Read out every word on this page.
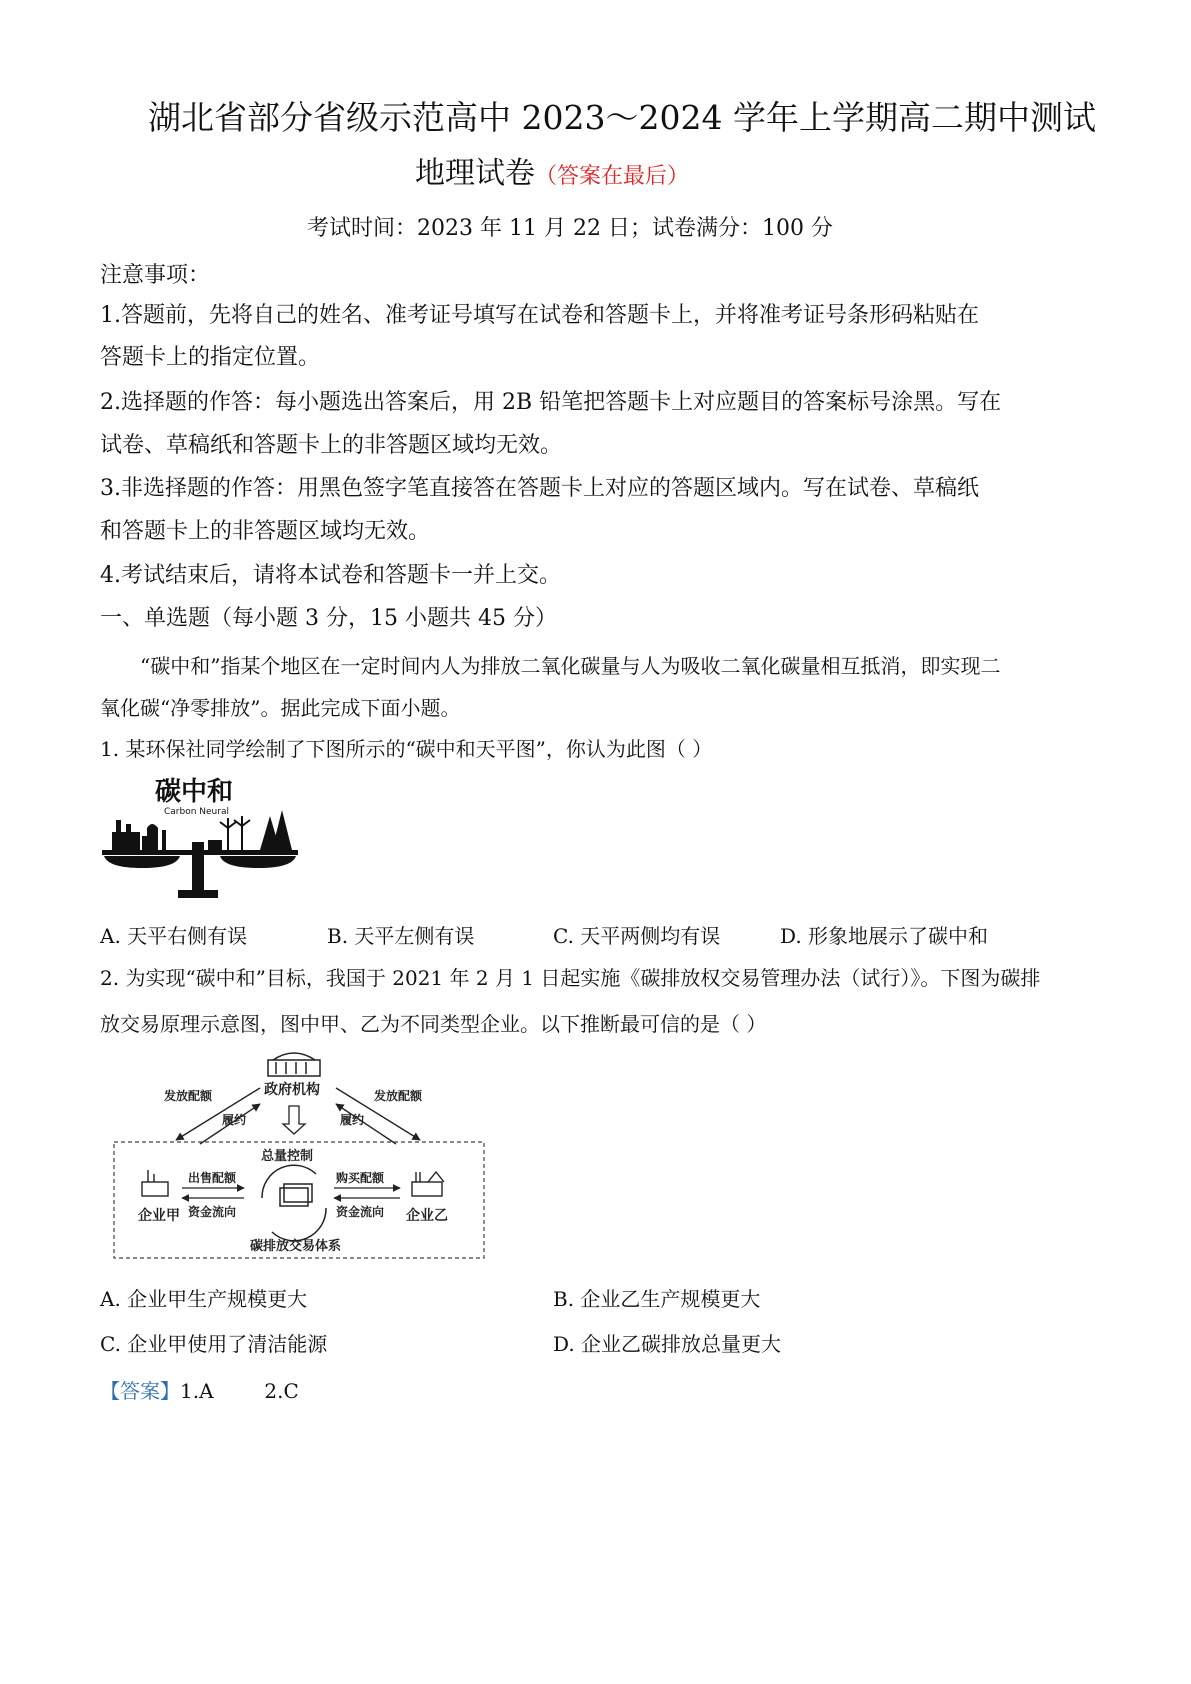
湖北省部分省级示范高中 2023～2024 学年上学期高二期中测试
地理试卷（答案在最后）
考试时间：2023 年 11 月 22 日；试卷满分：100 分
注意事项：
1.答题前，先将自己的姓名、准考证号填写在试卷和答题卡上，并将准考证号条形码粘贴在
答题卡上的指定位置。
2.选择题的作答：每小题选出答案后，用 2B 铅笔把答题卡上对应题目的答案标号涂黑。写在
试卷、草稿纸和答题卡上的非答题区域均无效。
3.非选择题的作答：用黑色签字笔直接答在答题卡上对应的答题区域内。写在试卷、草稿纸
和答题卡上的非答题区域均无效。
4.考试结束后，请将本试卷和答题卡一并上交。
一、单选题（每小题 3 分，15 小题共 45 分）
“碳中和”指某个地区在一定时间内人为排放二氧化碳量与人为吸收二氧化碳量相互抵消，即实现二
氧化碳“净零排放”。据此完成下面小题。
1. 某环保社同学绘制了下图所示的“碳中和天平图”，你认为此图（ ）
碳中和
Carbon Neural
A. 天平右侧有误	B. 天平左侧有误	C. 天平两侧均有误	D. 形象地展示了碳中和
2. 为实现“碳中和”目标，我国于 2021 年 2 月 1 日起实施《碳排放权交易管理办法（试行）》。下图为碳排
放交易原理示意图，图中甲、乙为不同类型企业。以下推断最可信的是（ ）
政府机构
发放配额
履约
发放配额
履约
总量控制
企业甲	企业乙
出售配额
资金流向
购买配额
资金流向
碳排放交易体系
A. 企业甲生产规模更大	B. 企业乙生产规模更大
C. 企业甲使用了清洁能源	D. 企业乙碳排放总量更大
【答案】1.A        2.C
